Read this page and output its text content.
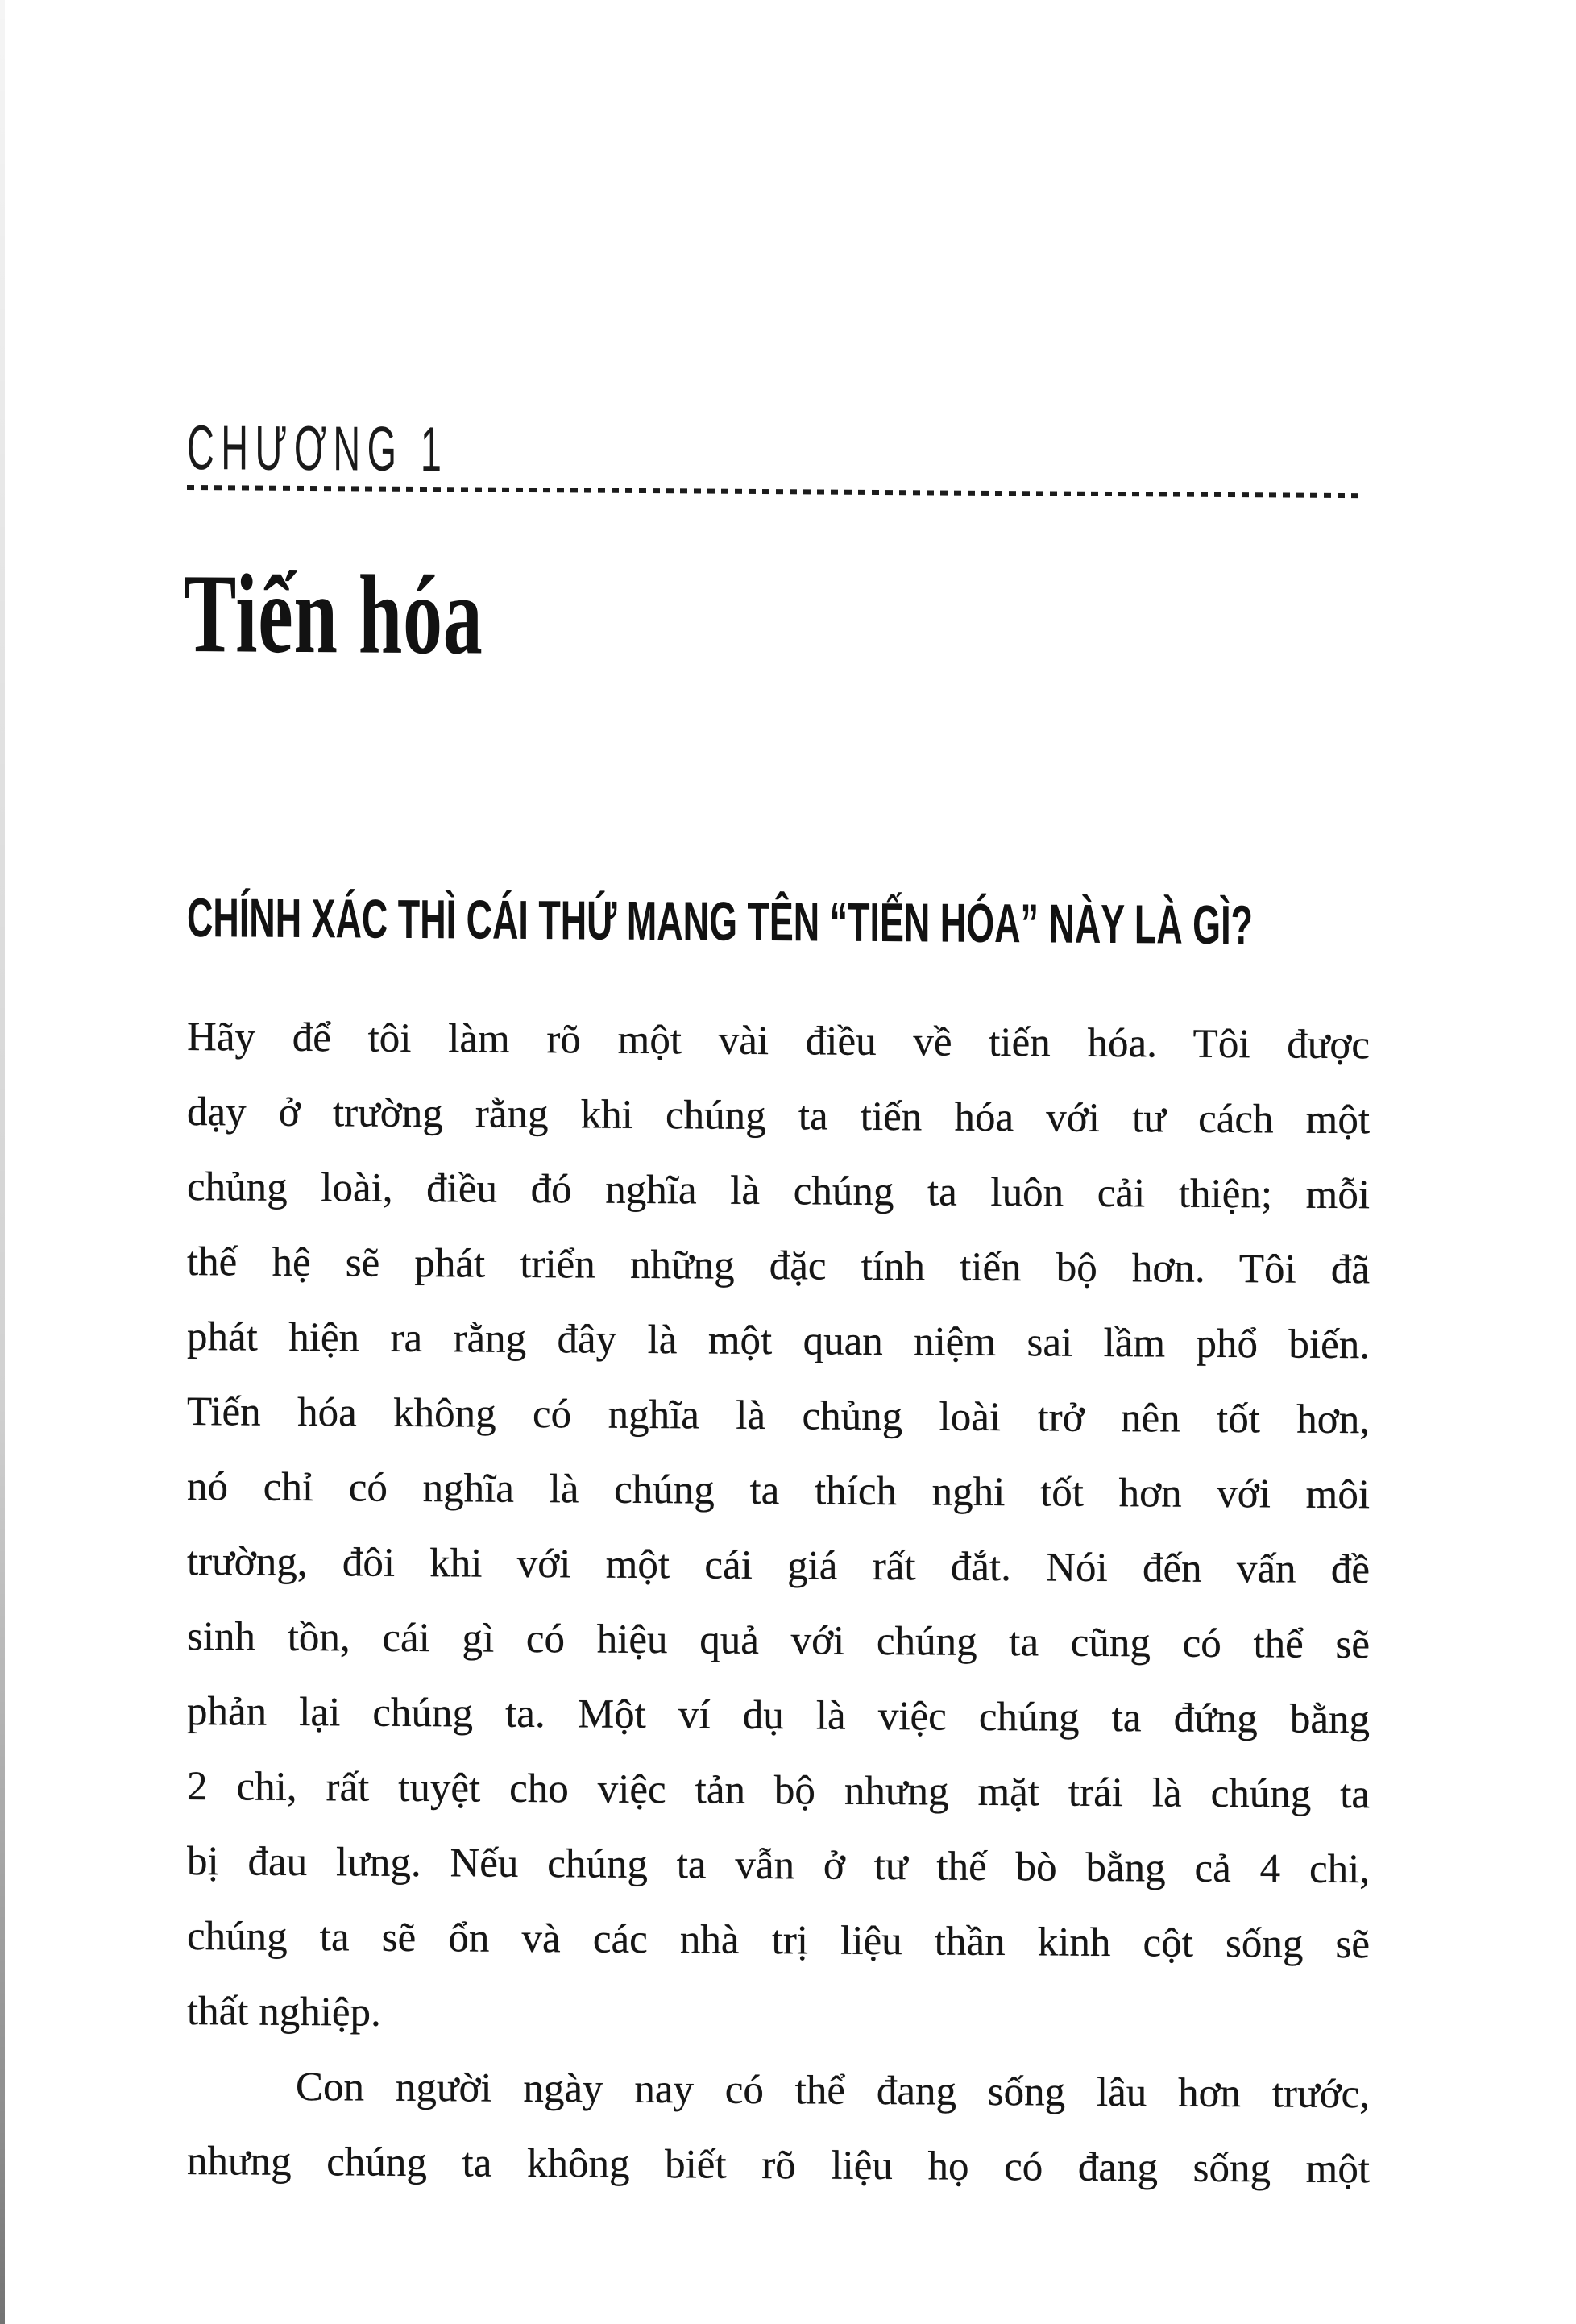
CHƯƠNG 1
Tiến hóa
CHÍNH XÁC THÌ CÁI THỨ MANG TÊN “TIẾN HÓA” NÀY LÀ GÌ?

Hãy để tôi làm rõ một vài điều về tiến hóa. Tôi được
dạy ở trường rằng khi chúng ta tiến hóa với tư cách một
chủng loài, điều đó nghĩa là chúng ta luôn cải thiện; mỗi
thế hệ sẽ phát triển những đặc tính tiến bộ hơn. Tôi đã
phát hiện ra rằng đây là một quan niệm sai lầm phổ biến.
Tiến hóa không có nghĩa là chủng loài trở nên tốt hơn,
nó chỉ có nghĩa là chúng ta thích nghi tốt hơn với môi
trường, đôi khi với một cái giá rất đắt. Nói đến vấn đề
sinh tồn, cái gì có hiệu quả với chúng ta cũng có thể sẽ
phản lại chúng ta. Một ví dụ là việc chúng ta đứng bằng
2 chi, rất tuyệt cho việc tản bộ nhưng mặt trái là chúng ta
bị đau lưng. Nếu chúng ta vẫn ở tư thế bò bằng cả 4 chi,
chúng ta sẽ ổn và các nhà trị liệu thần kinh cột sống sẽ
thất nghiệp.

Con người ngày nay có thể đang sống lâu hơn trước,
nhưng chúng ta không biết rõ liệu họ có đang sống một
